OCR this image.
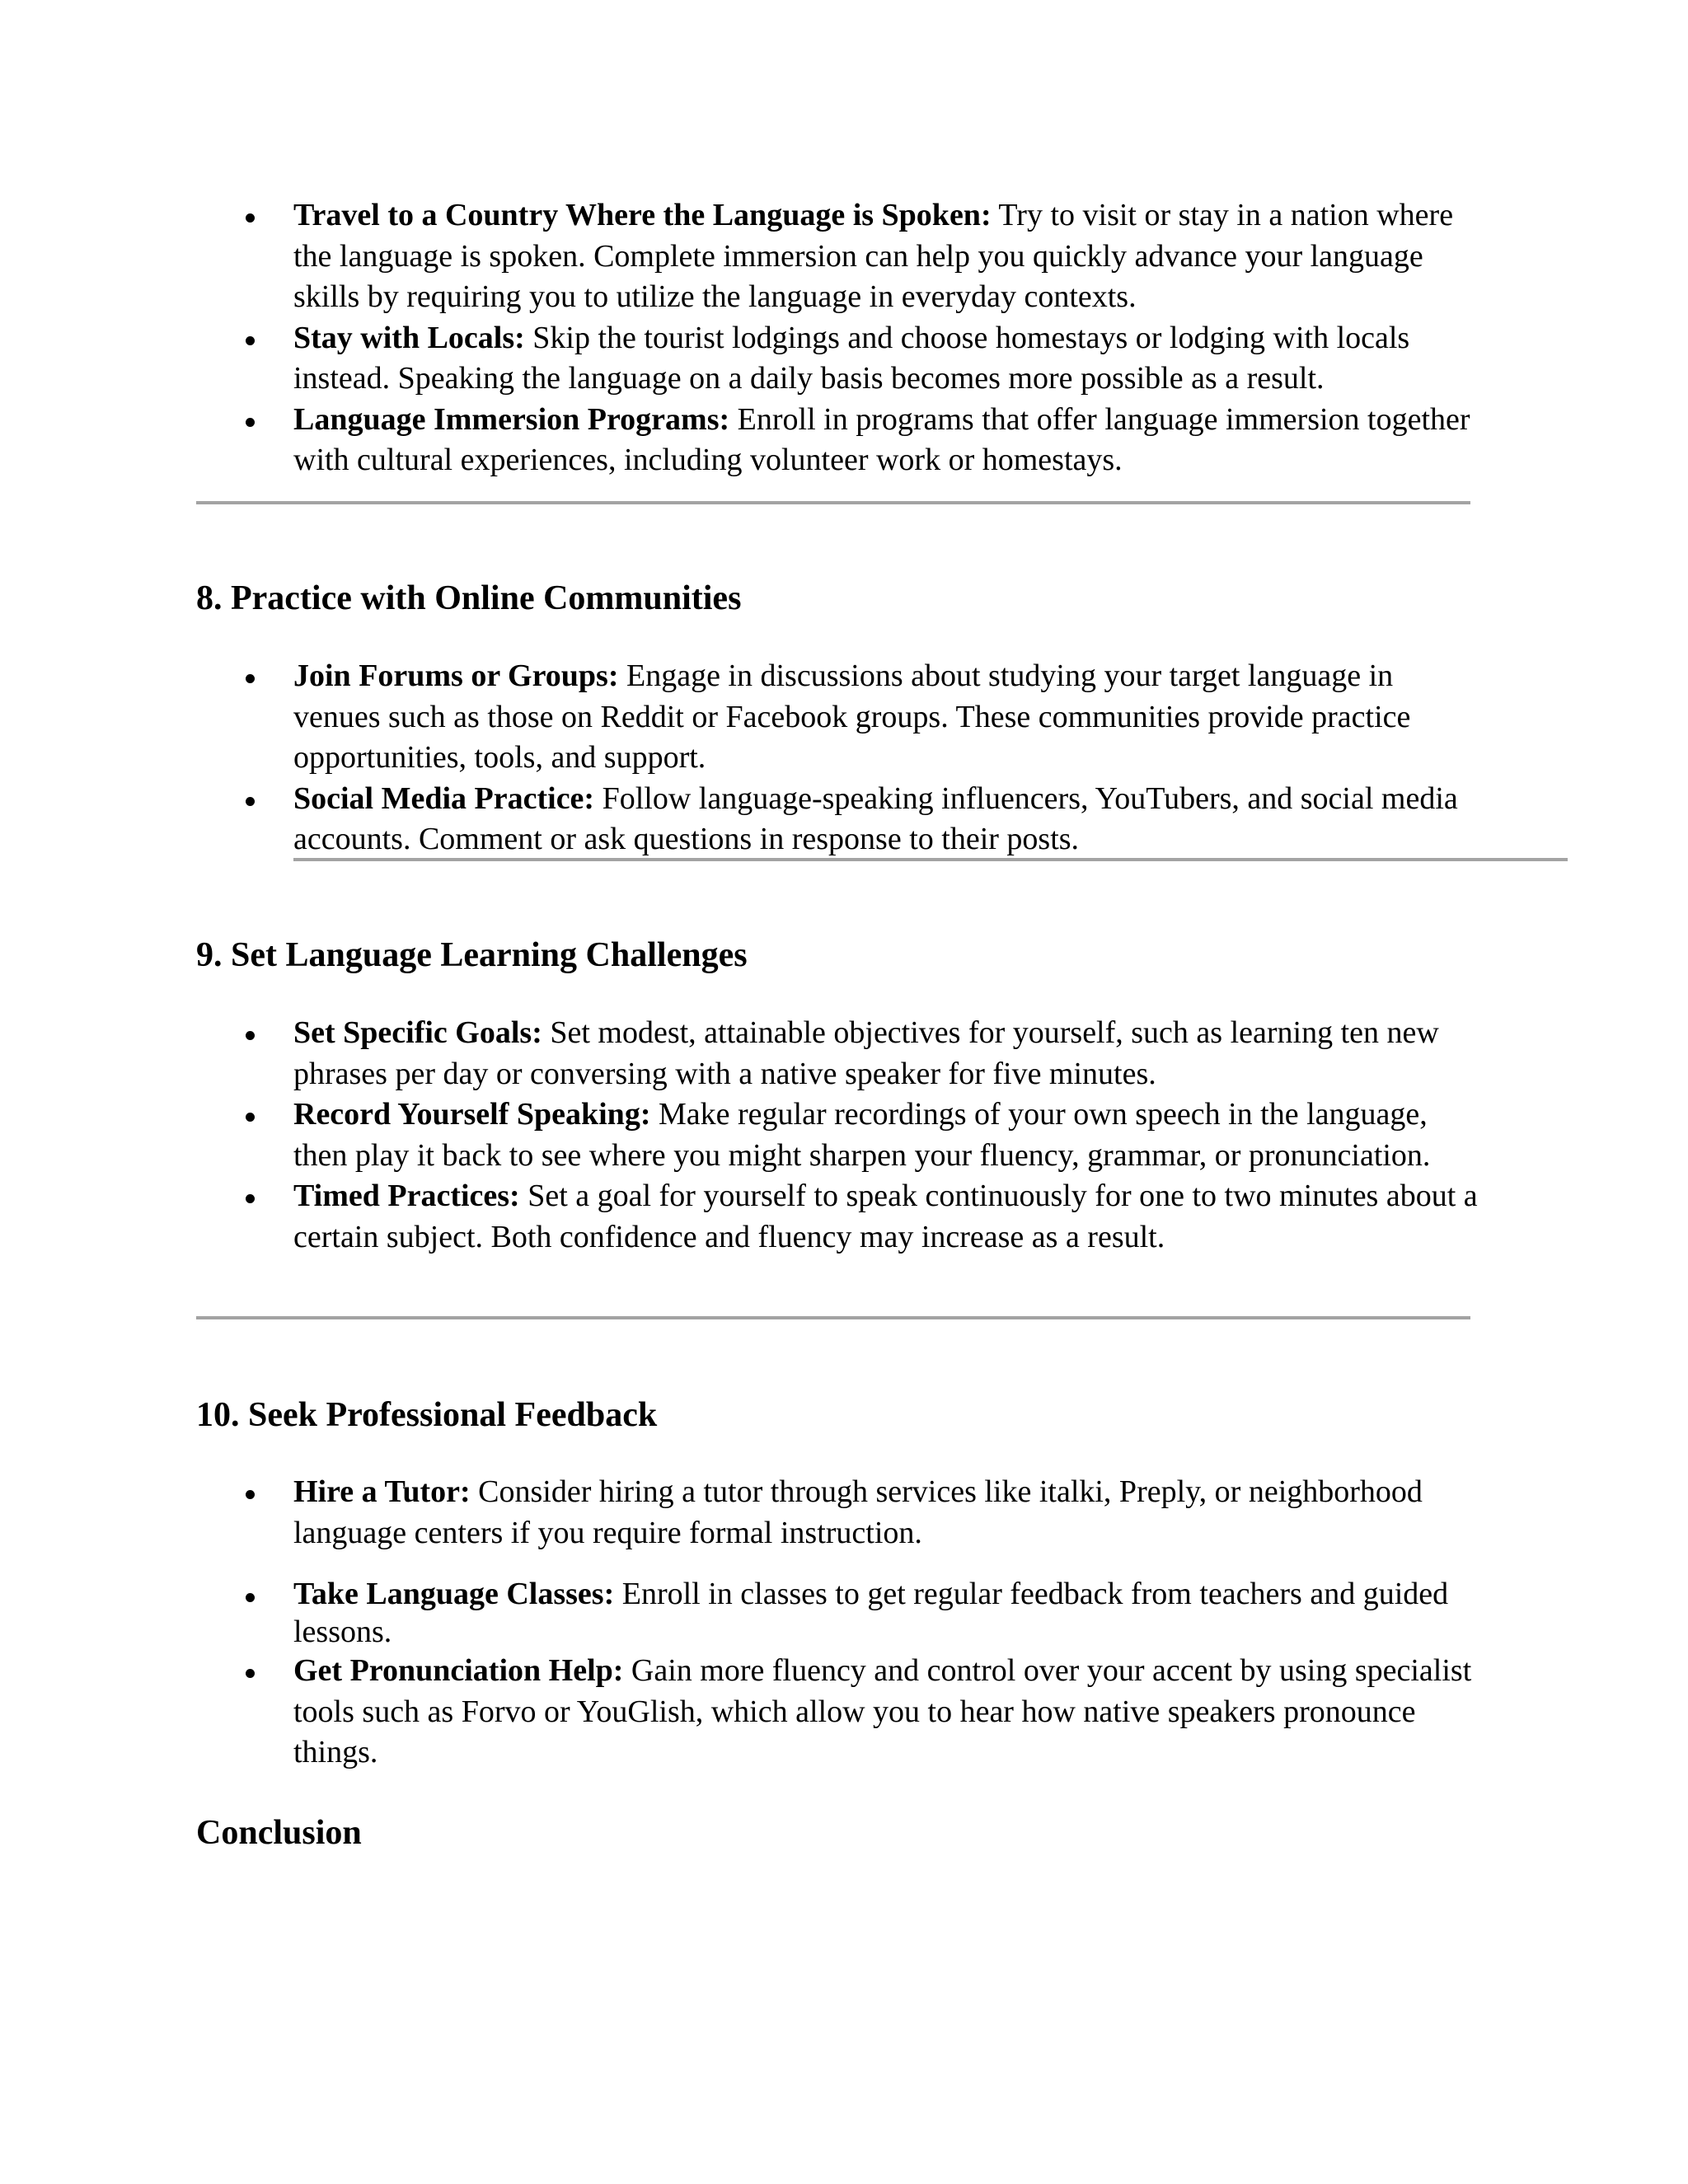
Travel to a Country Where the Language is Spoken: Try to visit or stay in a nation where the language is spoken. Complete immersion can help you quickly advance your language skills by requiring you to utilize the language in everyday contexts.
Stay with Locals: Skip the tourist lodgings and choose homestays or lodging with locals instead. Speaking the language on a daily basis becomes more possible as a result.
Language Immersion Programs: Enroll in programs that offer language immersion together with cultural experiences, including volunteer work or homestays.
8. Practice with Online Communities
Join Forums or Groups: Engage in discussions about studying your target language in venues such as those on Reddit or Facebook groups. These communities provide practice opportunities, tools, and support.
Social Media Practice: Follow language-speaking influencers, YouTubers, and social media accounts. Comment or ask questions in response to their posts.
9. Set Language Learning Challenges
Set Specific Goals: Set modest, attainable objectives for yourself, such as learning ten new phrases per day or conversing with a native speaker for five minutes.
Record Yourself Speaking: Make regular recordings of your own speech in the language, then play it back to see where you might sharpen your fluency, grammar, or pronunciation.
Timed Practices: Set a goal for yourself to speak continuously for one to two minutes about a certain subject. Both confidence and fluency may increase as a result.
10. Seek Professional Feedback
Hire a Tutor: Consider hiring a tutor through services like italki, Preply, or neighborhood language centers if you require formal instruction.
Take Language Classes: Enroll in classes to get regular feedback from teachers and guided lessons.
Get Pronunciation Help: Gain more fluency and control over your accent by using specialist tools such as Forvo or YouGlish, which allow you to hear how native speakers pronounce things.
Conclusion
